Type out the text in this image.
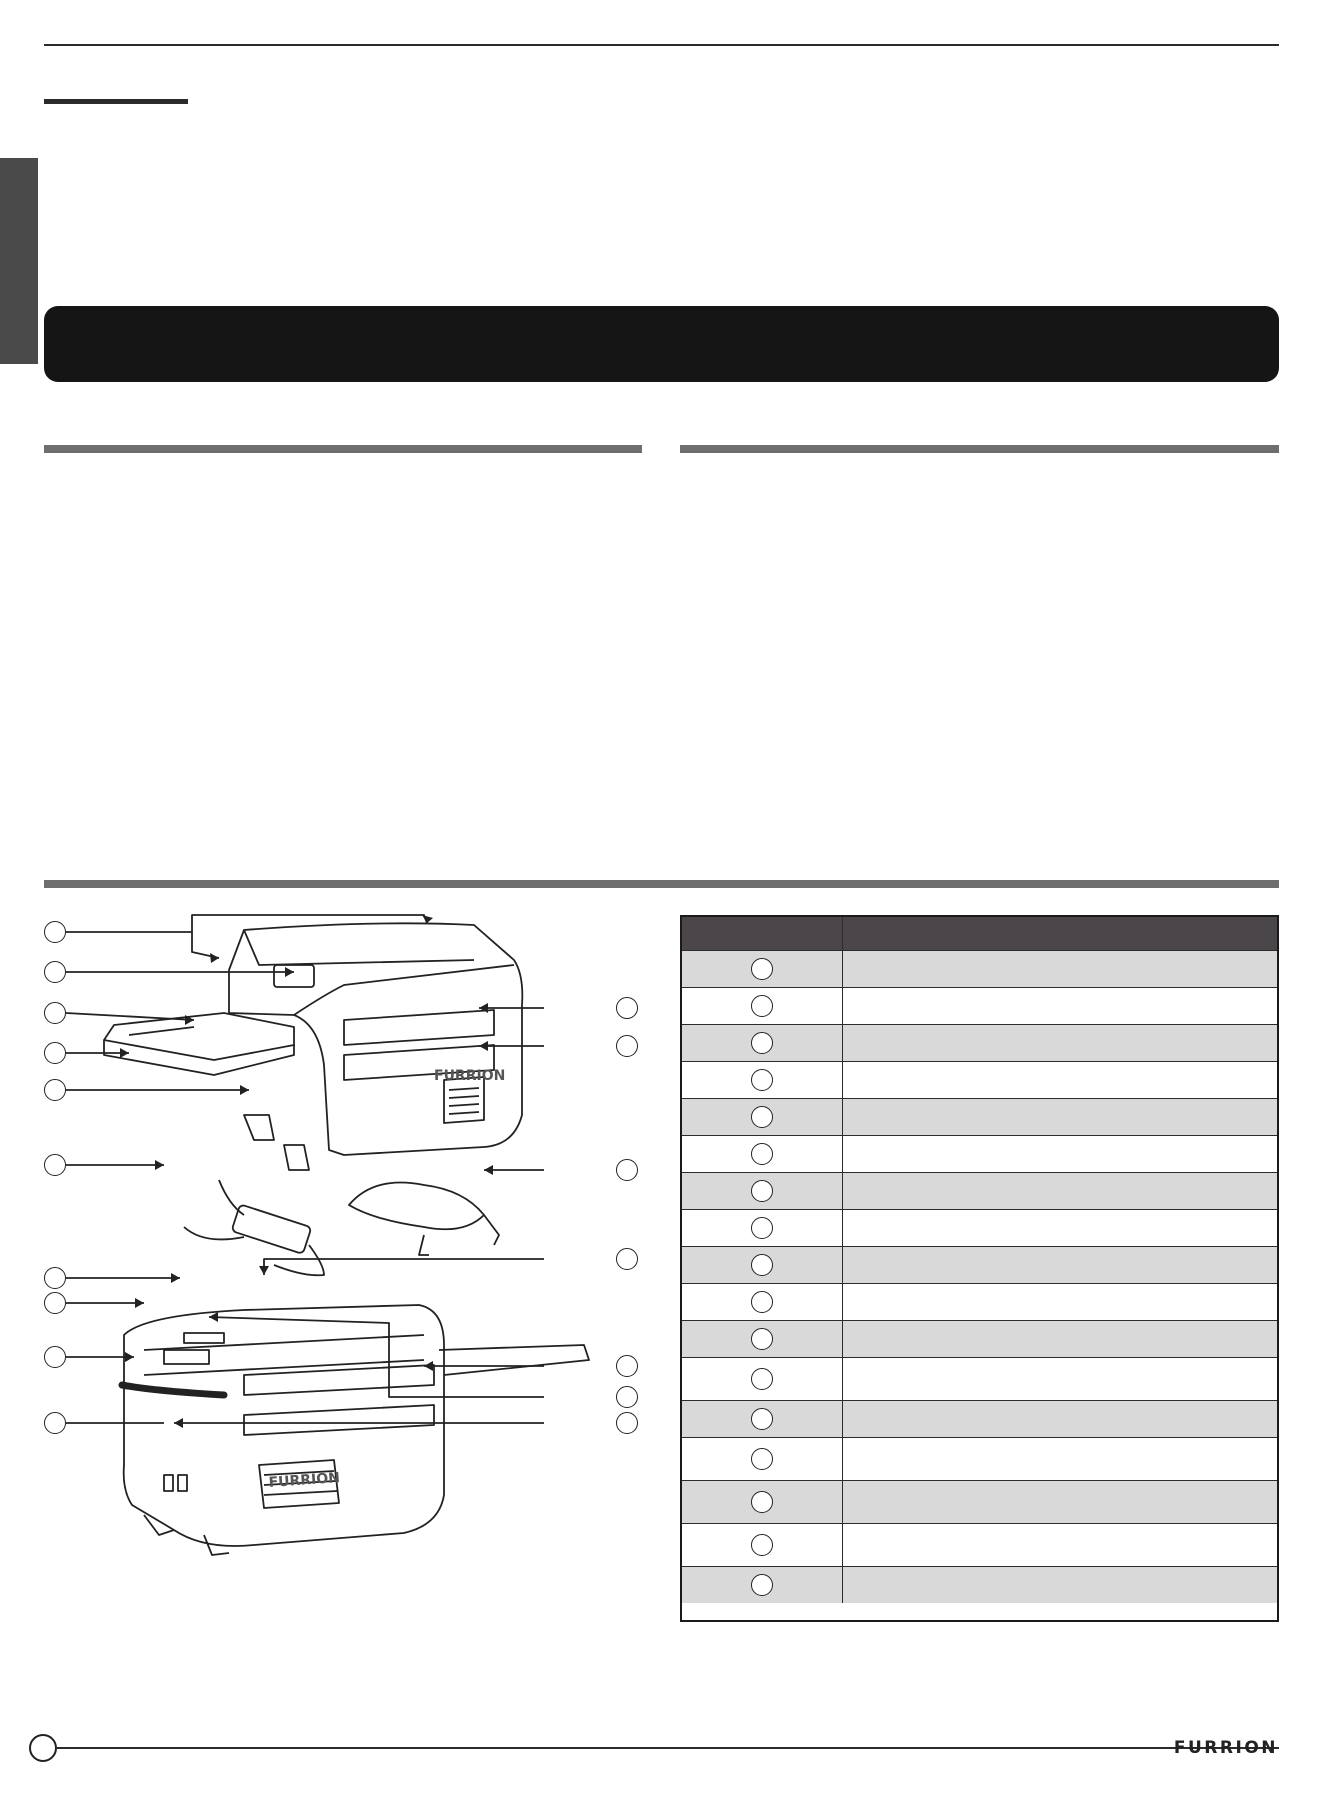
FURRION
FURRION
FURRION
